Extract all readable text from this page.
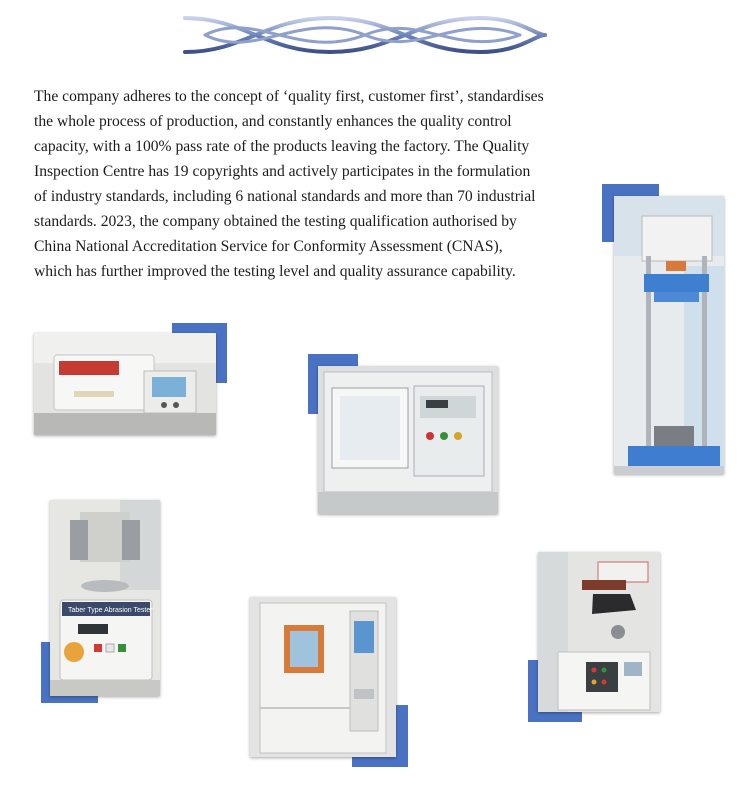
The company adheres to the concept of ‘quality first, customer first’, standardises
the whole process of production, and constantly enhances the quality control
capacity, with a 100% pass rate of the products leaving the factory. The Quality
Inspection Centre has 19 copyrights and actively participates in the formulation
of industry standards, including 6 national standards and more than 70 industrial
standards. 2023, the company obtained the testing qualification authorised by
China National Accreditation Service for Conformity Assessment (CNAS),
which has further improved the testing level and quality assurance capability.

Taber Type Abrasion Tester
